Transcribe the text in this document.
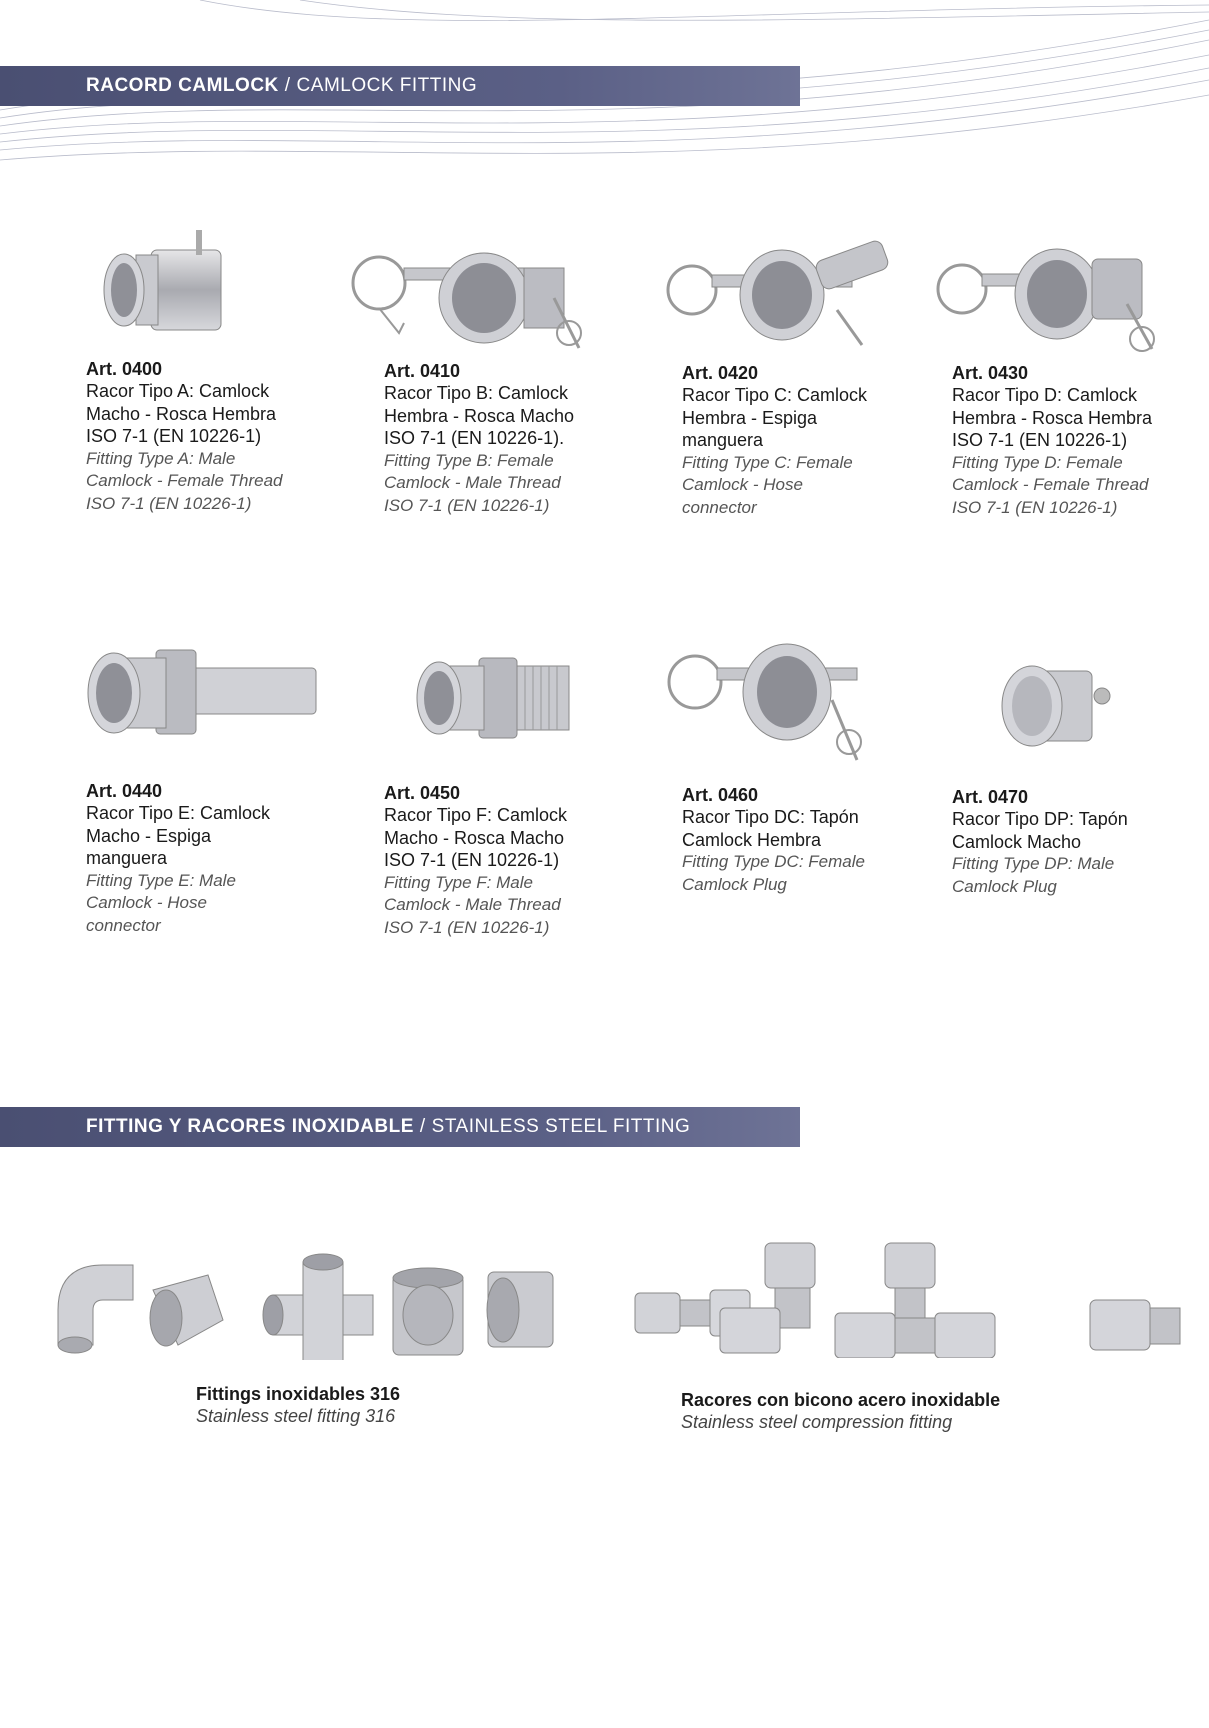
RACORD CAMLOCK / CAMLOCK FITTING
Art. 0400
Racor Tipo A: Camlock
Macho - Rosca Hembra
ISO 7-1 (EN 10226-1)
Fitting Type A: Male
Camlock - Female Thread
ISO 7-1 (EN 10226-1)
Art. 0410
Racor Tipo B: Camlock
Hembra - Rosca Macho
ISO 7-1 (EN 10226-1).
Fitting Type B: Female
Camlock - Male Thread
ISO 7-1 (EN 10226-1)
Art. 0420
Racor Tipo C: Camlock
Hembra - Espiga
manguera
Fitting Type C: Female
Camlock - Hose
connector
Art. 0430
Racor Tipo D: Camlock
Hembra - Rosca Hembra
ISO 7-1 (EN 10226-1)
Fitting Type D: Female
Camlock - Female Thread
ISO 7-1 (EN 10226-1)
Art. 0440
Racor Tipo E: Camlock
Macho - Espiga
manguera
Fitting Type E: Male
Camlock - Hose
connector
Art. 0450
Racor Tipo F: Camlock
Macho - Rosca Macho
ISO 7-1 (EN 10226-1)
Fitting Type F: Male
Camlock - Male Thread
ISO 7-1 (EN 10226-1)
Art. 0460
Racor Tipo DC: Tapón
Camlock Hembra
Fitting Type DC: Female
Camlock Plug
Art. 0470
Racor Tipo DP: Tapón
Camlock Macho
Fitting Type DP: Male
Camlock Plug
FITTING Y RACORES INOXIDABLE / STAINLESS STEEL FITTING
Fittings inoxidables 316
Stainless steel fitting 316
Racores con bicono acero inoxidable
Stainless steel compression fitting
